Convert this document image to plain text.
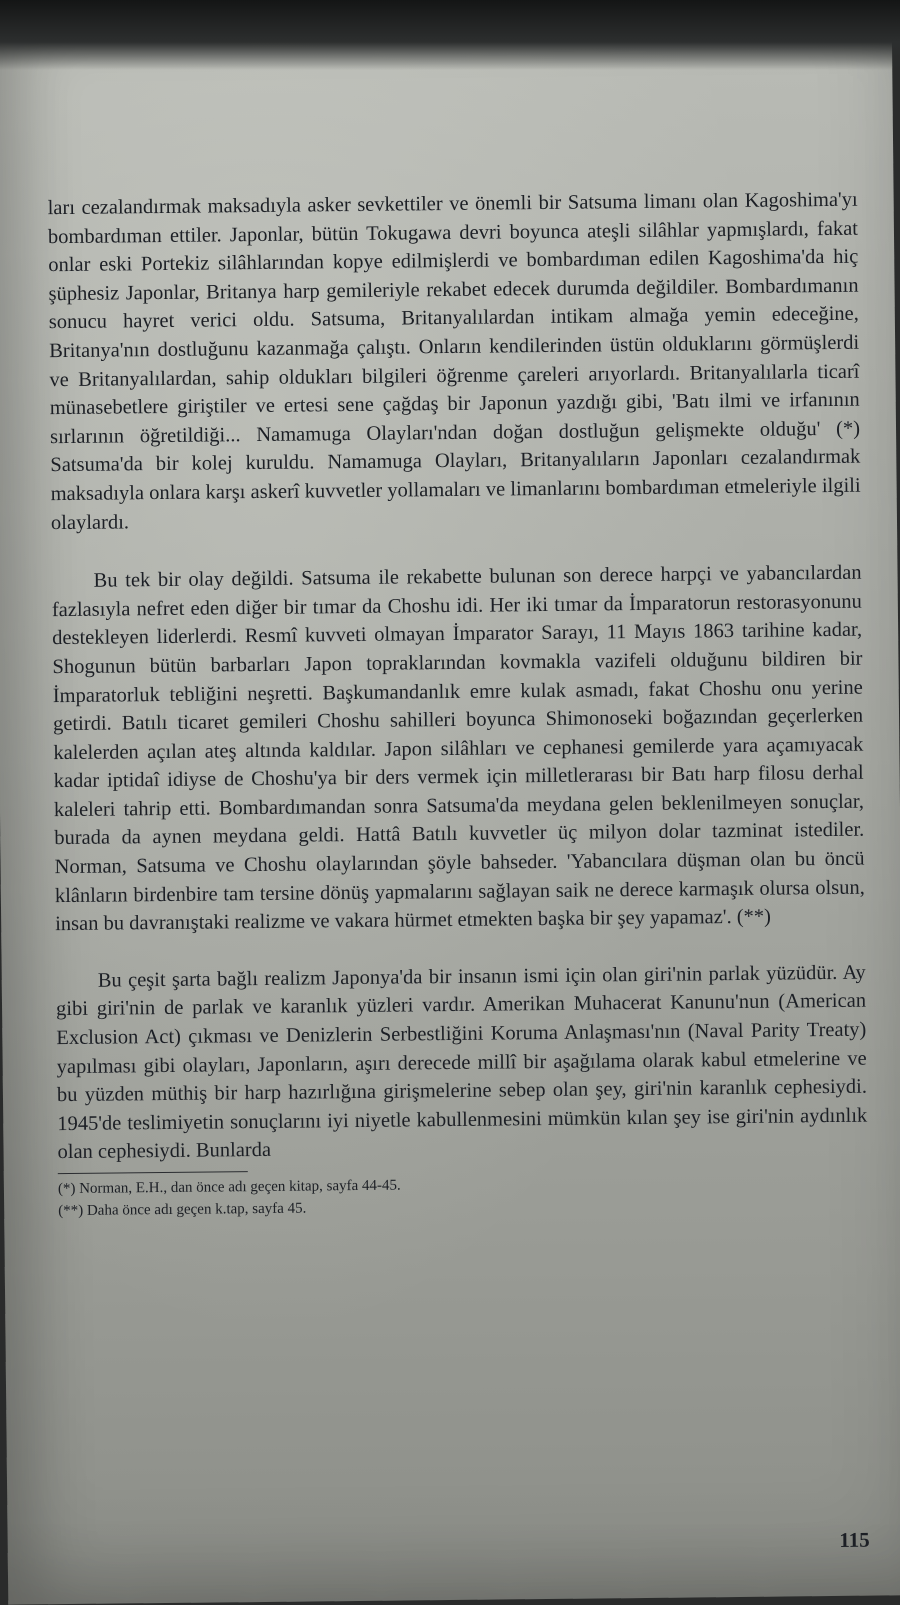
ları cezalandırmak maksadıyla asker sevkettiler ve önemli bir Satsuma limanı olan Kagoshima'yı bombardıman ettiler. Japonlar, bütün Tokugawa devri boyunca ateşli silâhlar yapmışlardı, fakat onlar eski Portekiz silâhlarından kopye edilmişlerdi ve bombardıman edilen Kagoshima'da hiç şüphesiz Japonlar, Britanya harp gemileriyle rekabet edecek durumda değildiler. Bombardımanın sonucu hayret verici oldu. Satsuma, Britanyalılardan intikam almağa yemin edeceğine, Britanya'nın dostluğunu kazanmağa çalıştı. Onların kendilerinden üstün olduklarını görmüşlerdi ve Britanyalılardan, sahip oldukları bilgileri öğrenme çareleri arıyorlardı. Britanyalılarla ticarî münasebetlere giriştiler ve ertesi sene çağdaş bir Japonun yazdığı gibi, 'Batı ilmi ve irfanının sırlarının öğretildiği... Namamuga Olayları'ndan doğan dostluğun gelişmekte olduğu' (*) Satsuma'da bir kolej kuruldu. Namamuga Olayları, Britanyalıların Japonları cezalandırmak maksadıyla onlara karşı askerî kuvvetler yollamaları ve limanlarını bombardıman etmeleriyle ilgili olaylardı.

Bu tek bir olay değildi. Satsuma ile rekabette bulunan son derece harpçi ve yabancılardan fazlasıyla nefret eden diğer bir tımar da Choshu idi. Her iki tımar da İmparatorun restorasyonunu destekleyen liderlerdi. Resmî kuvveti olmayan İmparator Sarayı, 11 Mayıs 1863 tarihine kadar, Shogunun bütün barbarları Japon topraklarından kovmakla vazifeli olduğunu bildiren bir İmparatorluk tebliğini neşretti. Başkumandanlık emre kulak asmadı, fakat Choshu onu yerine getirdi. Batılı ticaret gemileri Choshu sahilleri boyunca Shimonoseki boğazından geçerlerken kalelerden açılan ateş altında kaldılar. Japon silâhları ve cephanesi gemilerde yara açamıyacak kadar iptidaî idiyse de Choshu'ya bir ders vermek için milletlerarası bir Batı harp filosu derhal kaleleri tahrip etti. Bombardımandan sonra Satsuma'da meydana gelen beklenilmeyen sonuçlar, burada da aynen meydana geldi. Hattâ Batılı kuvvetler üç milyon dolar tazminat istediler. Norman, Satsuma ve Choshu olaylarından şöyle bahseder. 'Yabancılara düşman olan bu öncü klânların birdenbire tam tersine dönüş yapmalarını sağlayan saik ne derece karmaşık olursa olsun, insan bu davranıştaki realizme ve vakara hürmet etmekten başka bir şey yapamaz'. (**)

Bu çeşit şarta bağlı realizm Japonya'da bir insanın ismi için olan giri'nin parlak yüzüdür. Ay gibi giri'nin de parlak ve karanlık yüzleri vardır. Amerikan Muhacerat Kanunu'nun (American Exclusion Act) çıkması ve Denizlerin Serbestliğini Koruma Anlaşması'nın (Naval Parity Treaty) yapılması gibi olayları, Japonların, aşırı derecede millî bir aşağılama olarak kabul etmelerine ve bu yüzden müthiş bir harp hazırlığına girişmelerine sebep olan şey, giri'nin karanlık cephesiydi. 1945'de teslimiyetin sonuçlarını iyi niyetle kabullenmesini mümkün kılan şey ise giri'nin aydınlık olan cephesiydi. Bunlarda

(*) Norman, E.H., dan önce adı geçen kitap, sayfa 44-45.

(**) Daha önce adı geçen k.tap, sayfa 45.

115
